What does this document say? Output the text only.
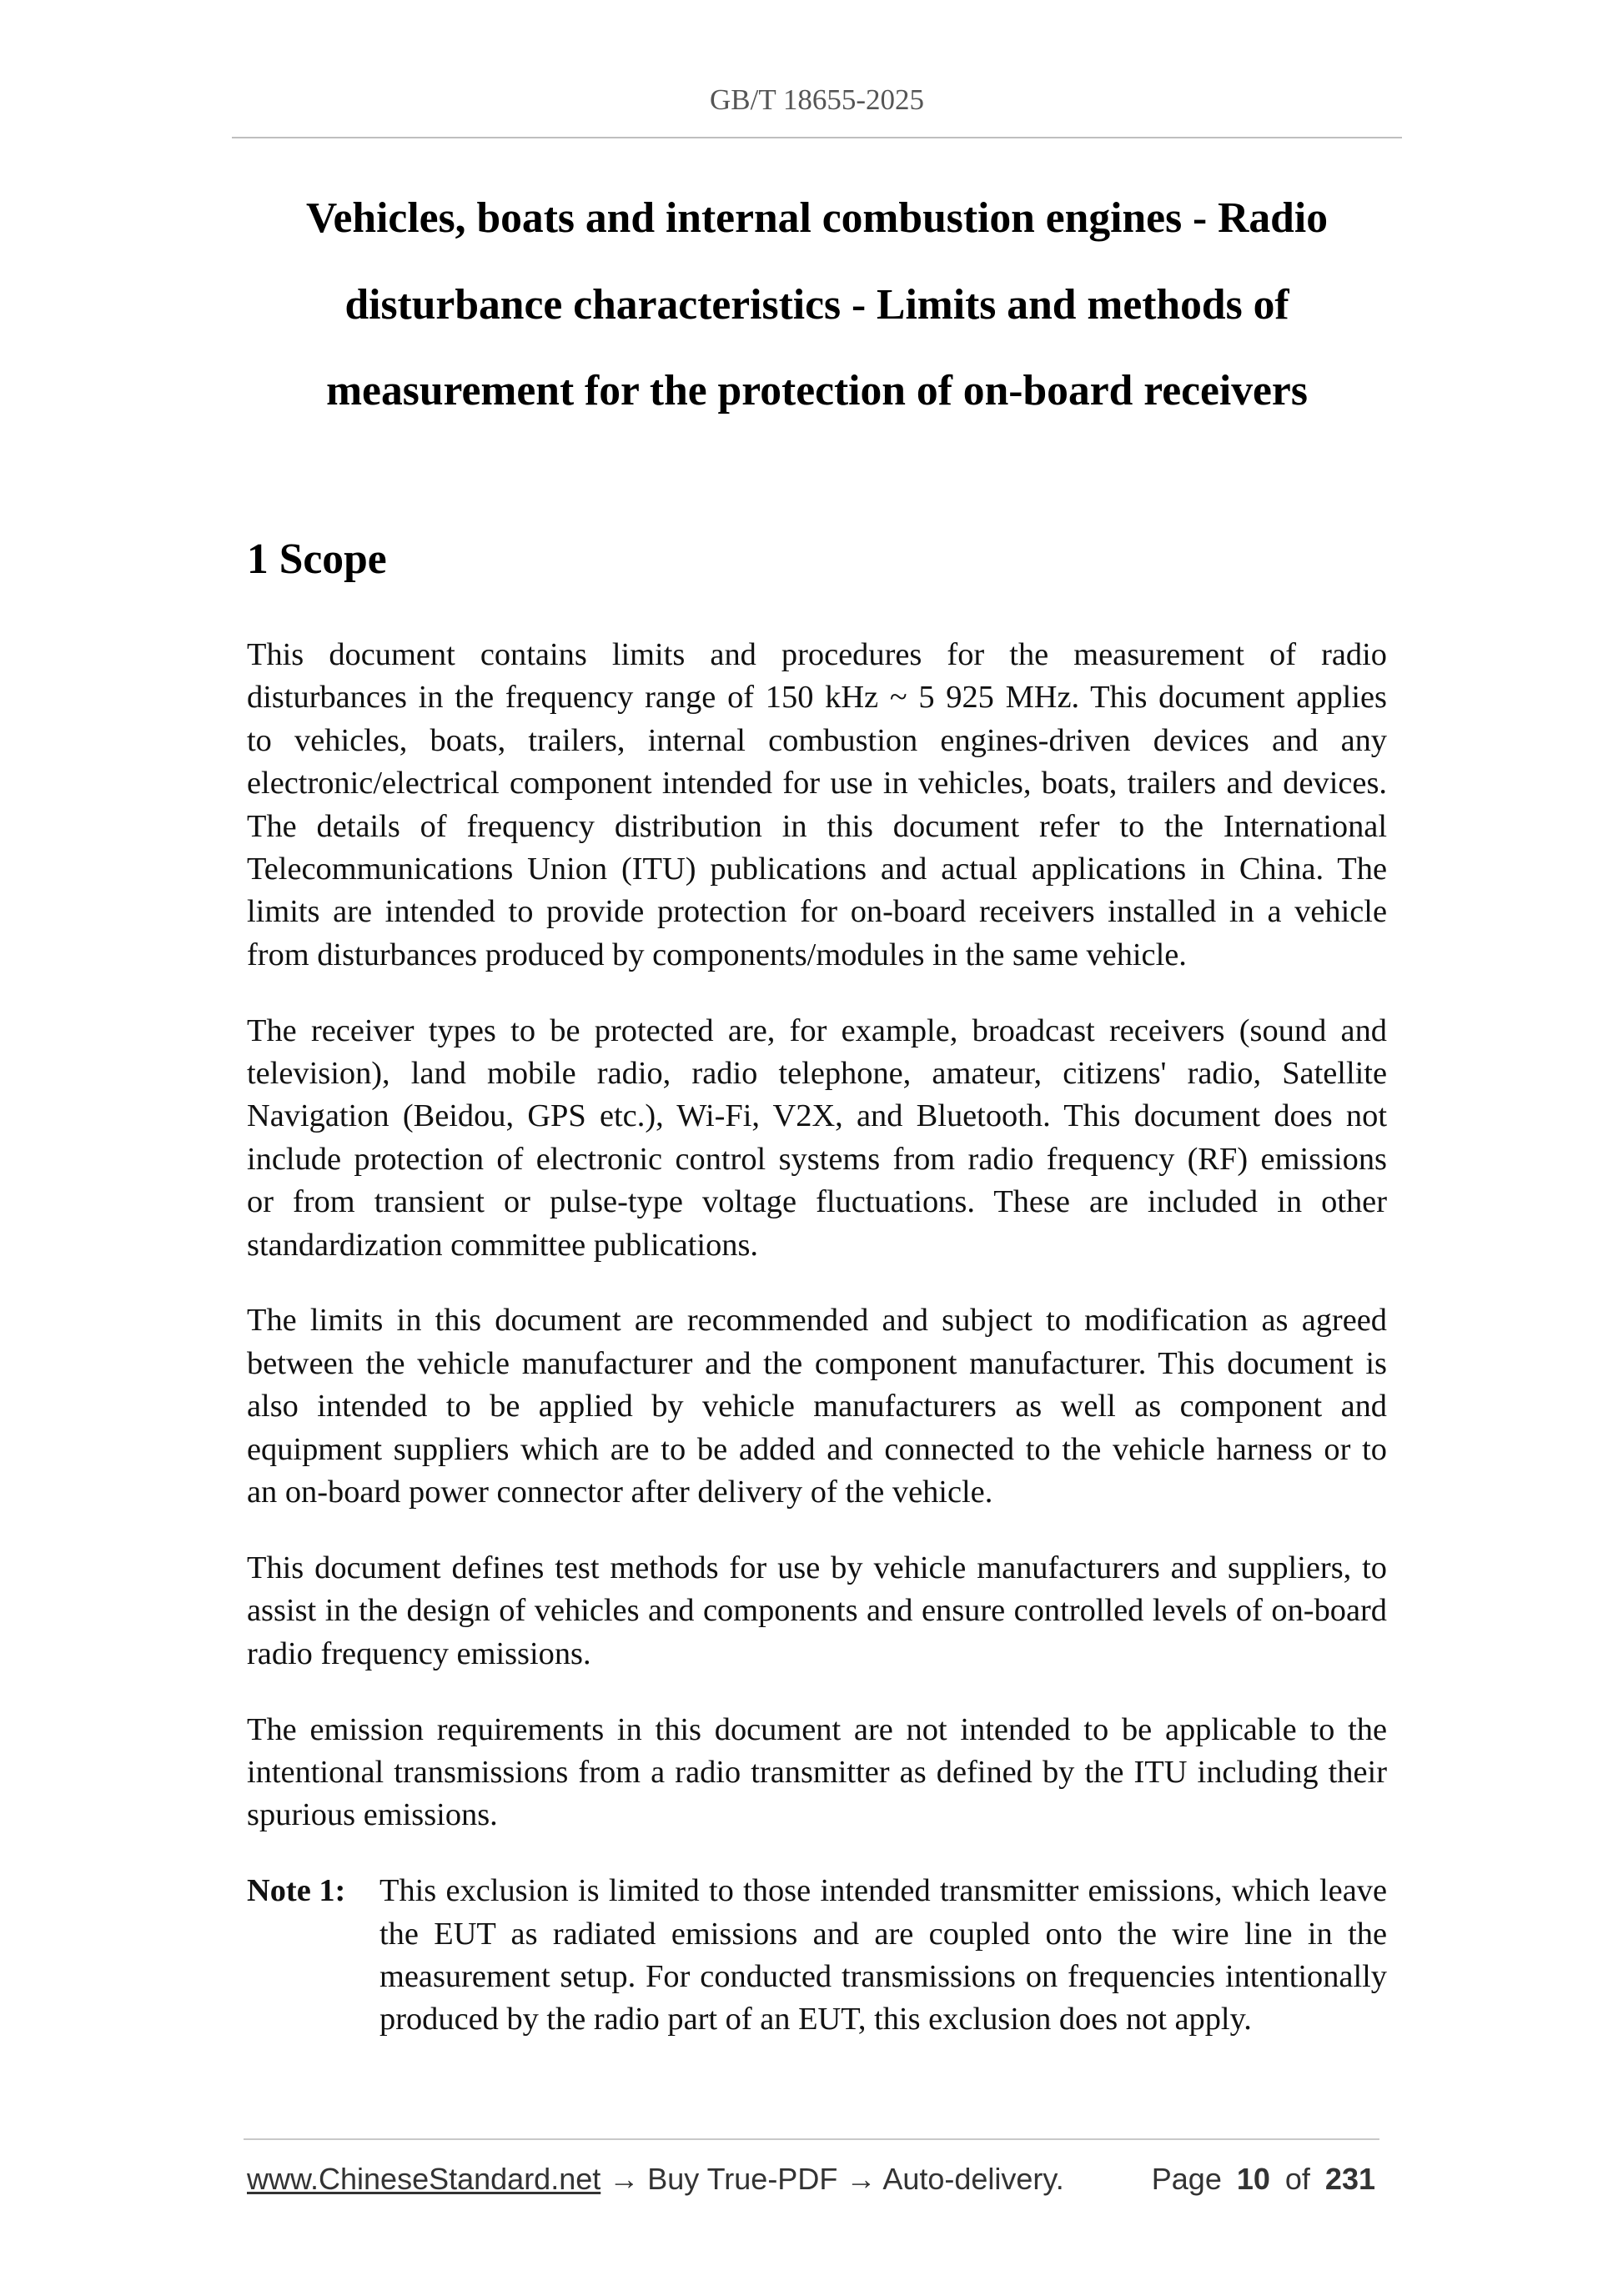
GB/T 18655-2025
Vehicles, boats and internal combustion engines - Radio
disturbance characteristics - Limits and methods of
measurement for the protection of on-board receivers
1 Scope
This document contains limits and procedures for the measurement of radio
disturbances in the frequency range of 150 kHz ~ 5 925 MHz. This document applies
to vehicles, boats, trailers, internal combustion engines-driven devices and any
electronic/electrical component intended for use in vehicles, boats, trailers and devices.
The details of frequency distribution in this document refer to the International
Telecommunications Union (ITU) publications and actual applications in China. The
limits are intended to provide protection for on-board receivers installed in a vehicle
from disturbances produced by components/modules in the same vehicle.
The receiver types to be protected are, for example, broadcast receivers (sound and
television), land mobile radio, radio telephone, amateur, citizens' radio, Satellite
Navigation (Beidou, GPS etc.), Wi-Fi, V2X, and Bluetooth. This document does not
include protection of electronic control systems from radio frequency (RF) emissions
or from transient or pulse-type voltage fluctuations. These are included in other
standardization committee publications.
The limits in this document are recommended and subject to modification as agreed
between the vehicle manufacturer and the component manufacturer. This document is
also intended to be applied by vehicle manufacturers as well as component and
equipment suppliers which are to be added and connected to the vehicle harness or to
an on-board power connector after delivery of the vehicle.
This document defines test methods for use by vehicle manufacturers and suppliers, to
assist in the design of vehicles and components and ensure controlled levels of on-board
radio frequency emissions.
The emission requirements in this document are not intended to be applicable to the
intentional transmissions from a radio transmitter as defined by the ITU including their
spurious emissions.
Note 1:	This exclusion is limited to those intended transmitter emissions, which leave
the EUT as radiated emissions and are coupled onto the wire line in the
measurement setup. For conducted transmissions on frequencies intentionally
produced by the radio part of an EUT, this exclusion does not apply.
www.ChineseStandard.net → Buy True-PDF → Auto-delivery.	Page 10 of 231
